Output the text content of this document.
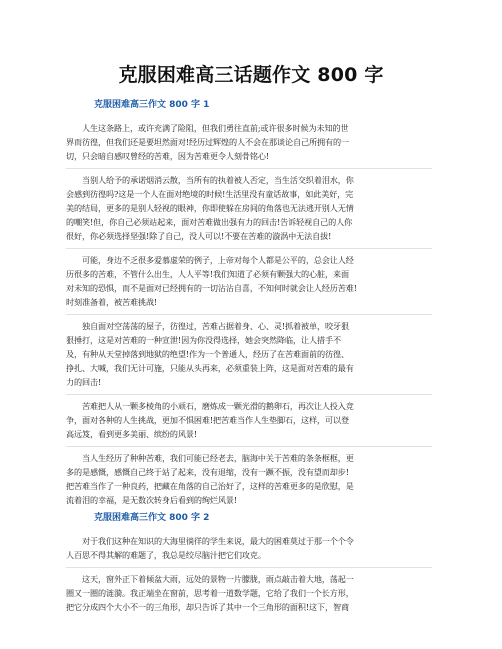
克服困难高三话题作文 800 字
克服困难高三作文 800 字 1
人生这条路上，或许充满了险阻，但我们勇往直前;或许很多时候为未知的世
界而彷徨，但我们还是要坦然面对!经历过辉煌的人不会在那谈论自己所拥有的一
切，只会暗自感叹曾经的苦难，因为苦难更令人刻骨铭心!
当别人给予的承诺烟消云散，当所有的执着被人否定，当生活交织着泪水，你
会感到彷徨吗?这是一个人在面对绝境的时候!生活里没有童话故事，如此美好，完
美的结局，更多的是别人轻视的眼神，你即使躲在房间的角落也无法逃开别人无情
的嘲笑!但，你自己必须站起来，面对苦难做出强有力的回击!告诉轻视自己的人你
很好，你必须选择坚强!除了自己，没人可以!不要在苦难的漩涡中无法自拔!
可能，身边不乏很多爱慕虚荣的例子，上帝对每个人都是公平的，总会让人经
历很多的苦难，不管什么出生，人人平等!我们知道了必须有颗强大的心脏，来面
对未知的恐惧，而不是面对已经拥有的一切沾沾自喜，不知何时就会让人经历苦难!
时刻准备着，被苦难挑战!
独自面对空荡荡的屋子，彷徨过，苦难占据着身、心、灵!抓着被单，咬牙狠
狠捶打，这是对苦难的一种宣泄!因为你没得选择，她会突然降临，让人措手不
及，有种从天堂掉落到地狱的绝望!作为一个普通人，经历了在苦难面前的彷徨、
挣扎、大喊，我们无计可施，只能从头再来，必须重装上阵，这是面对苦难的最有
力的回击!
苦难把人从一颗多棱角的小顽石，磨炼成一颗光滑的鹅卵石，再次让人投入竞
争，面对各种的人生挑战，更加不惧困难!把苦难当作人生垫脚石，这样，可以登
高远笈，看到更多美丽、缤纷的风景!
当人生经历了种种苦难，我们可能已经老去，脑海中关于苦难的条条框框，更
多的是感慨，感慨自己终于站了起来，没有退缩，没有一蹶不振，没有望而却步!
把苦难当作了一种良药，把藏在角落的自己治好了，这样的苦难更多的是欣慰，是
流着泪的幸福，是无数次转身后看到的绚烂风景!
克服困难高三作文 800 字 2
对于我们这种在知识的大海里徜徉的学生来说，最大的困难莫过于那一个个令
人百思不得其解的难题了，我总是绞尽脑汁把它们攻克。
这天，窗外正下着倾盆大雨，远处的景物一片朦胧，雨点敲击着大地，荡起一
圈又一圈的涟漪。我正端坐在窗前，思考着一道数学题，它给了我们一个长方形，
把它分成四个大小不一的三角形，却只告诉了其中一个三角形的面积!这下，智商
